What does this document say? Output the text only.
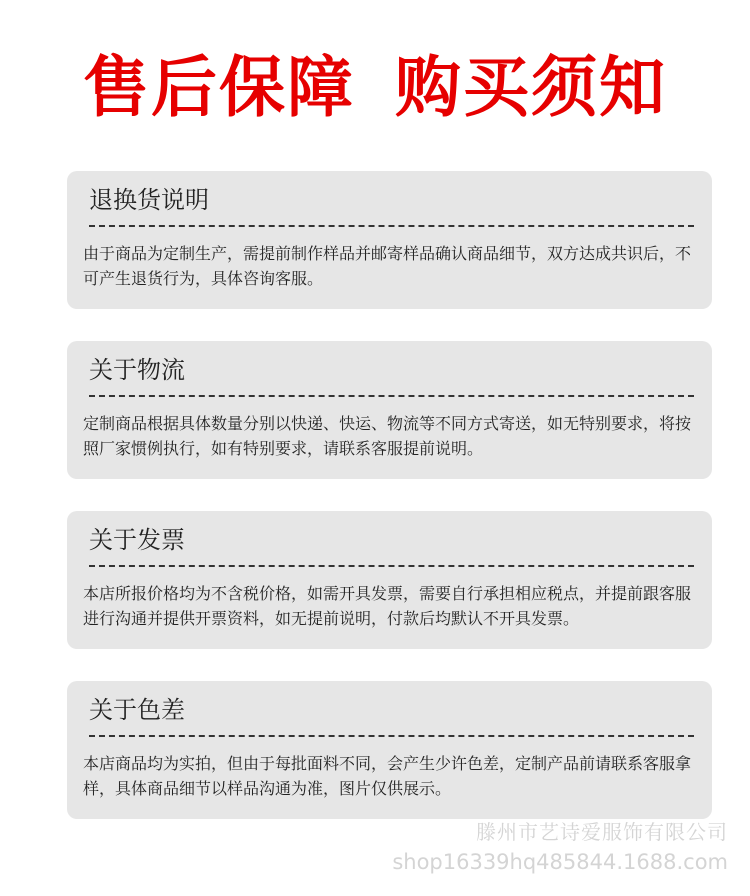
售后保障 购买须知
退换货说明
由于商品为定制生产，需提前制作样品并邮寄样品确认商品细节，双方达成共识后，不可产生退货行为，具体咨询客服。
关于物流
定制商品根据具体数量分别以快递、快运、物流等不同方式寄送，如无特别要求，将按照厂家惯例执行，如有特别要求，请联系客服提前说明。
关于发票
本店所报价格均为不含税价格，如需开具发票，需要自行承担相应税点，并提前跟客服进行沟通并提供开票资料，如无提前说明，付款后均默认不开具发票。
关于色差
本店商品均为实拍，但由于每批面料不同，会产生少许色差，定制产品前请联系客服拿样，具体商品细节以样品沟通为准，图片仅供展示。
滕州市艺诗爱服饰有限公司
shop16339hq485844.1688.com
